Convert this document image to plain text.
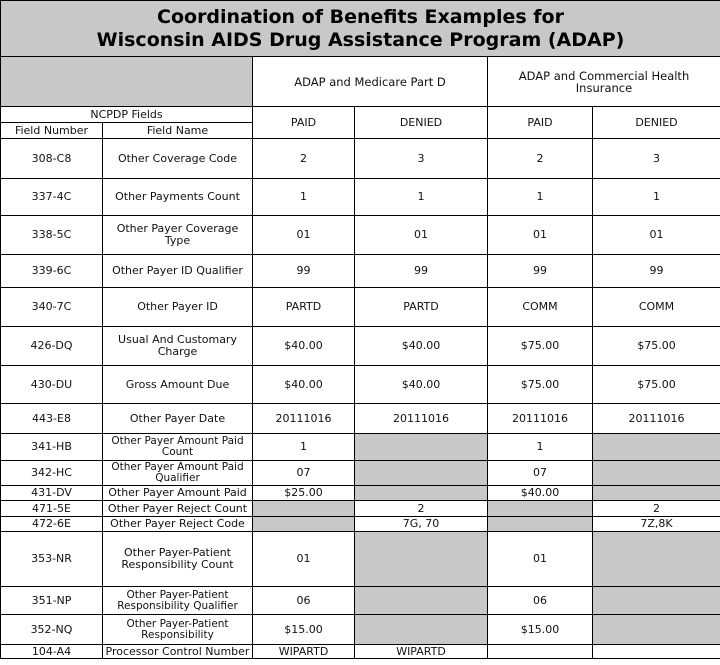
Coordination of Benefits Examples for
Wisconsin AIDS Drug Assistance Program (ADAP)					

		ADAP and Medicare Part D		ADAP and Commercial Health Insurance	
NCPDP Fields		PAID	DENIED	PAID	DENIED
Field Number	Field Name				
308-C8	Other Coverage Code	2	3	2	3
337-4C	Other Payments Count	1	1	1	1
338-5C	Other Payer Coverage Type	01	01	01	01
339-6C	Other Payer ID Qualifier	99	99	99	99
340-7C	Other Payer ID	PARTD	PARTD	COMM	COMM
426-DQ	Usual And Customary Charge	$40.00	$40.00	$75.00	$75.00
430-DU	Gross Amount Due	$40.00	$40.00	$75.00	$75.00
443-E8	Other Payer Date	20111016	20111016	20111016	20111016
341-HB	Other Payer Amount Paid Count	1		1	
342-HC	Other Payer Amount Paid Qualifier	07		07	
431-DV	Other Payer Amount Paid	$25.00		$40.00	
471-5E	Other Payer Reject Count		2		2
472-6E	Other Payer Reject Code		7G, 70		7Z,8K
353-NR	Other Payer-Patient Responsibility Count	01		01	
351-NP	Other Payer-Patient Responsibility Qualifier	06		06	
352-NQ	Other Payer-Patient Responsibility	$15.00		$15.00	
104-A4	Processor Control Number	WIPARTD	WIPARTD		
